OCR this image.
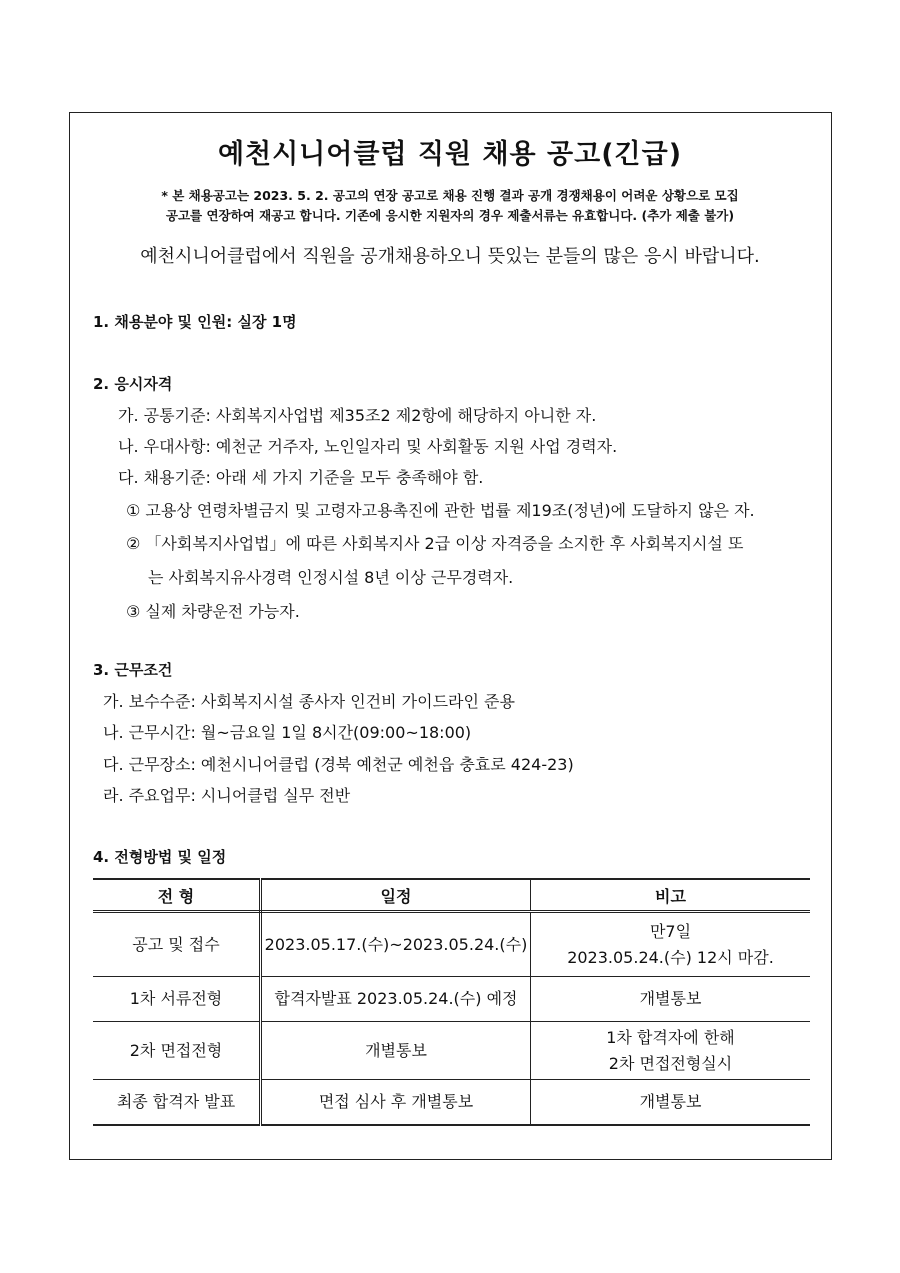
예천시니어클럽 직원 채용 공고(긴급)
* 본 채용공고는 2023. 5. 2. 공고의 연장 공고로 채용 진행 결과 공개 경쟁채용이 어려운 상황으로 모집
공고를 연장하여 재공고 합니다. 기존에 응시한 지원자의 경우 제출서류는 유효합니다. (추가 제출 불가)
예천시니어클럽에서 직원을 공개채용하오니 뜻있는 분들의 많은 응시 바랍니다.
1. 채용분야 및 인원: 실장 1명
2. 응시자격
가. 공통기준: 사회복지사업법 제35조2 제2항에 해당하지 아니한 자.
나. 우대사항: 예천군 거주자, 노인일자리 및 사회활동 지원 사업 경력자.
다. 채용기준: 아래 세 가지 기준을 모두 충족해야 함.
① 고용상 연령차별금지 및 고령자고용촉진에 관한 법률 제19조(정년)에 도달하지 않은 자.
② 「사회복지사업법」에 따른 사회복지사 2급 이상 자격증을 소지한 후 사회복지시설 또
는 사회복지유사경력 인정시설 8년 이상 근무경력자.
③ 실제 차량운전 가능자.
3. 근무조건
가. 보수수준: 사회복지시설 종사자 인건비 가이드라인 준용
나. 근무시간: 월~금요일 1일 8시간(09:00~18:00)
다. 근무장소: 예천시니어클럽 (경북 예천군 예천읍 충효로 424-23)
라. 주요업무: 시니어클럽 실무 전반
4. 전형방법 및 일정
전 형	일정	비고
공고 및 접수	2023.05.17.(수)~2023.05.24.(수)	만7일
2023.05.24.(수) 12시 마감.

1차 서류전형	합격자발표 2023.05.24.(수) 예정	개별통보

2차 면접전형	개별통보	1차 합격자에 한해
2차 면접전형실시

최종 합격자 발표	면접 심사 후 개별통보	개별통보
